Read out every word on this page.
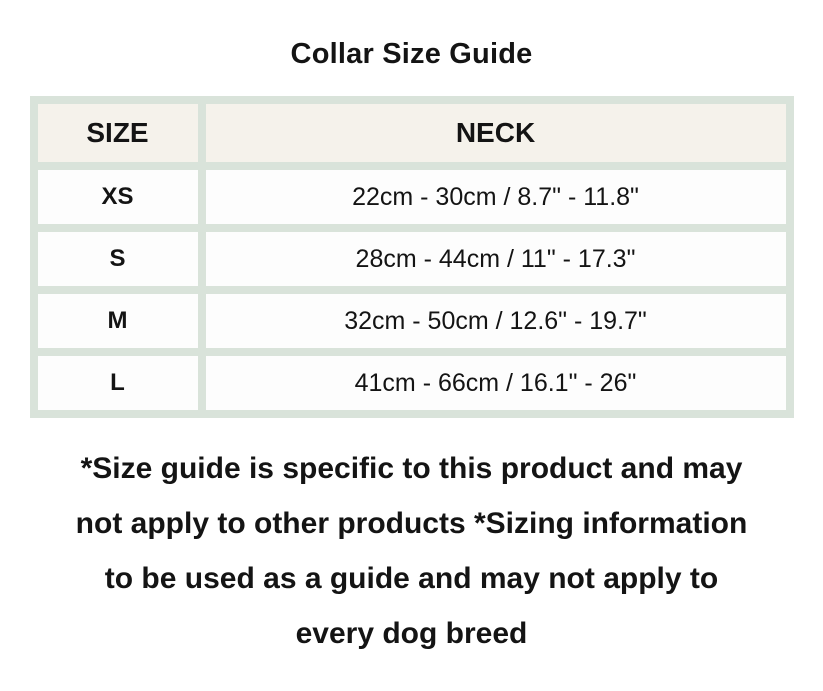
Collar Size Guide
SIZE	NECK
XS	22cm - 30cm / 8.7" - 11.8"
S	28cm - 44cm / 11" - 17.3"
M	32cm - 50cm / 12.6" - 19.7"
L	41cm - 66cm / 16.1" - 26"
*Size guide is specific to this product and may
not apply to other products *Sizing information
to be used as a guide and may not apply to
every dog breed
